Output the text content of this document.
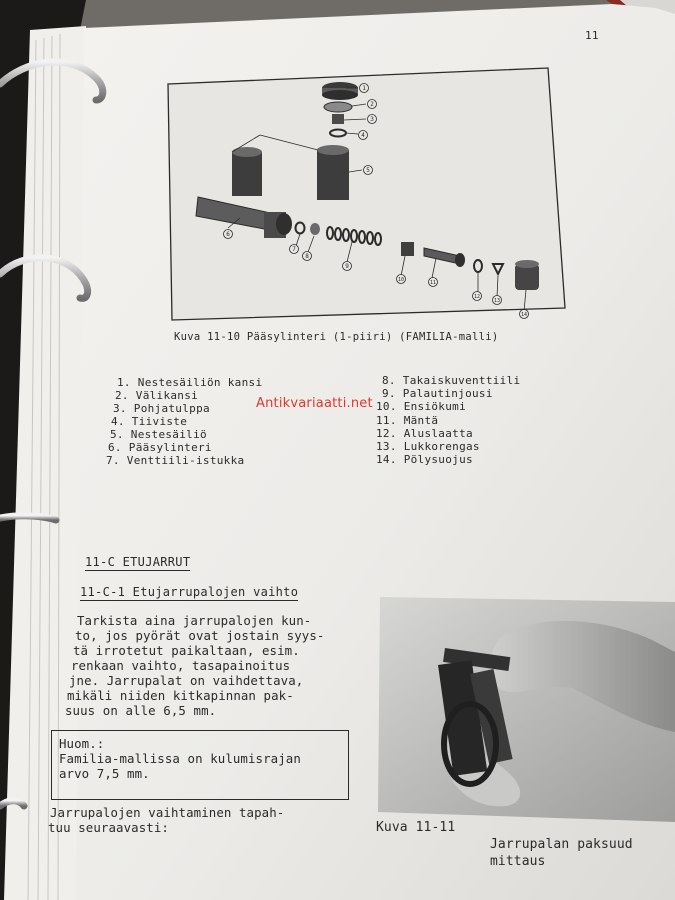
1
2
3
4
5
6
7
8
9
10	11
12
13
14
11
Kuva 11-10 Pääsylinteri (1-piiri) (FAMILIA-malli)
1. Nestesäiliön kansi
2. Välikansi
3. Pohjatulppa
4. Tiiviste
5. Nestesäiliö
6. Pääsylinteri
7. Venttiili-istukka
8. Takaiskuventtiili
9. Palautinjousi
10. Ensiökumi
11. Mäntä
12. Aluslaatta
13. Lukkorengas
14. Pölysuojus
Antikvariaatti.net
11-C ETUJARRUT
11-C-1 Etujarrupalojen vaihto
Tarkista aina jarrupalojen kun-
to, jos pyörät ovat jostain syys-
tä irrotetut paikaltaan, esim.
renkaan vaihto, tasapainoitus
jne. Jarrupalat on vaihdettava,
mikäli niiden kitkapinnan pak-
suus on alle 6,5 mm.
Huom.:
Familia-mallissa on kulumisrajan
arvo 7,5 mm.
Jarrupalojen vaihtaminen tapah-
tuu seuraavasti:	Kuva 11-11
Jarrupalan paksuud
mittaus
